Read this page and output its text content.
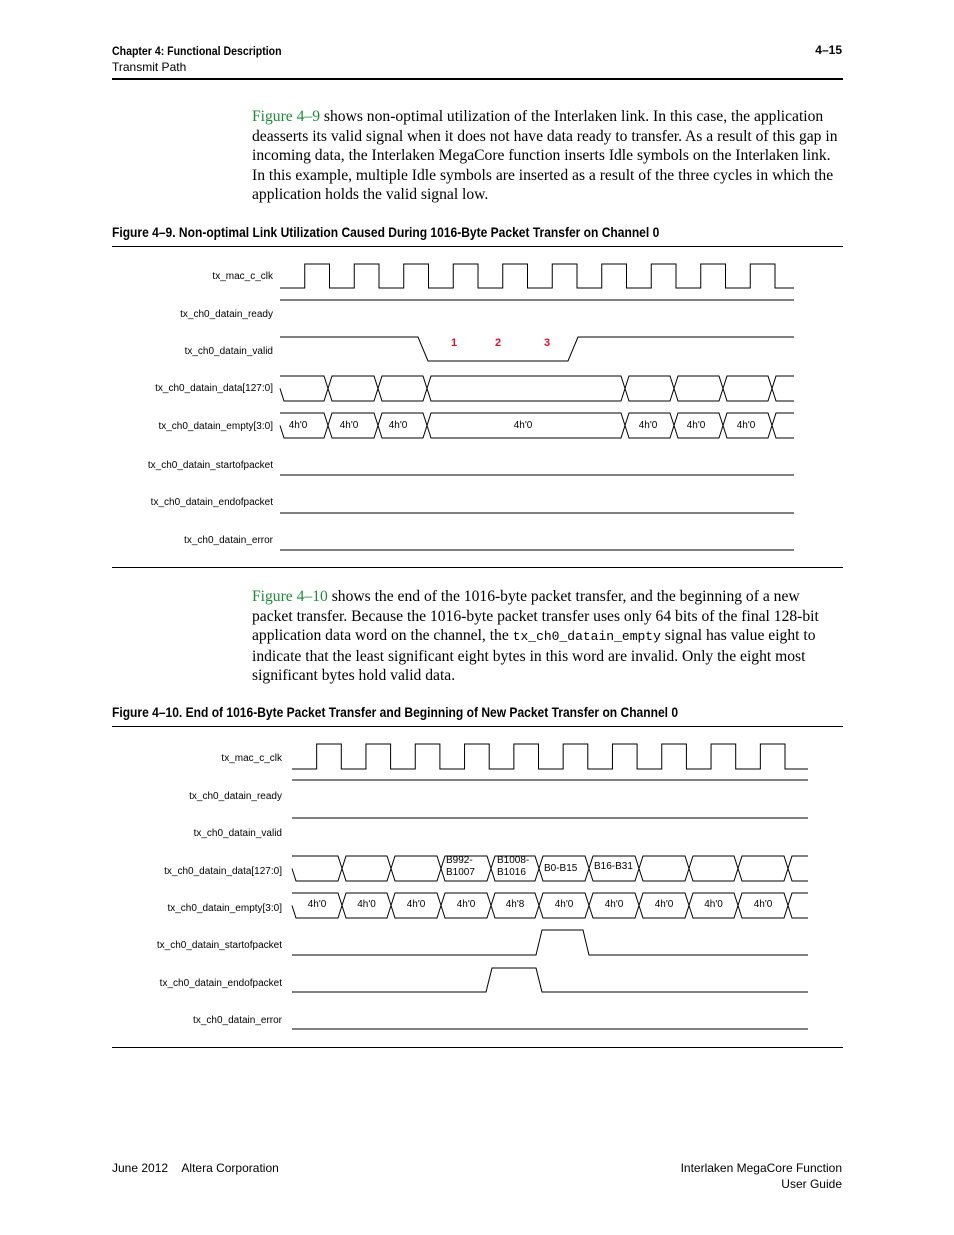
Chapter 4: Functional Description
Transmit Path
4–15
Figure 4–9 shows non-optimal utilization of the Interlaken link. In this case, the application deasserts its valid signal when it does not have data ready to transfer. As a result of this gap in incoming data, the Interlaken MegaCore function inserts Idle symbols on the Interlaken link. In this example, multiple Idle symbols are inserted as a result of the three cycles in which the application holds the valid signal low.
Figure 4–9. Non-optimal Link Utilization Caused During 1016-Byte Packet Transfer on Channel 0
tx_mac_c_clk
tx_ch0_datain_ready
tx_ch0_datain_valid
tx_ch0_datain_data[127:0]
tx_ch0_datain_empty[3:0]
tx_ch0_datain_startofpacket
tx_ch0_datain_endofpacket
tx_ch0_datain_error
4h'0	4h'0	4h'0	4h'0	4h'0	4h'0	4h'0
1	2	3
Figure 4–10 shows the end of the 1016-byte packet transfer, and the beginning of a new packet transfer. Because the 1016-byte packet transfer uses only 64 bits of the final 128-bit application data word on the channel, the tx_ch0_datain_empty signal has value eight to indicate that the least significant eight bytes in this word are invalid. Only the eight most significant bytes hold valid data.
Figure 4–10. End of 1016-Byte Packet Transfer and Beginning of New Packet Transfer on Channel 0
tx_mac_c_clk
tx_ch0_datain_ready
tx_ch0_datain_valid
tx_ch0_datain_data[127:0]
tx_ch0_datain_empty[3:0]
tx_ch0_datain_startofpacket
tx_ch0_datain_endofpacket
tx_ch0_datain_error
B992-
B1007
B1008-
B1016	B0-B15 B16-B31
4h'0	4h'0	4h'0	4h'0	4h'8	4h'0	4h'0	4h'0	4h'0	4h'0
June 2012 Altera Corporation	Interlaken MegaCore Function
User Guide
